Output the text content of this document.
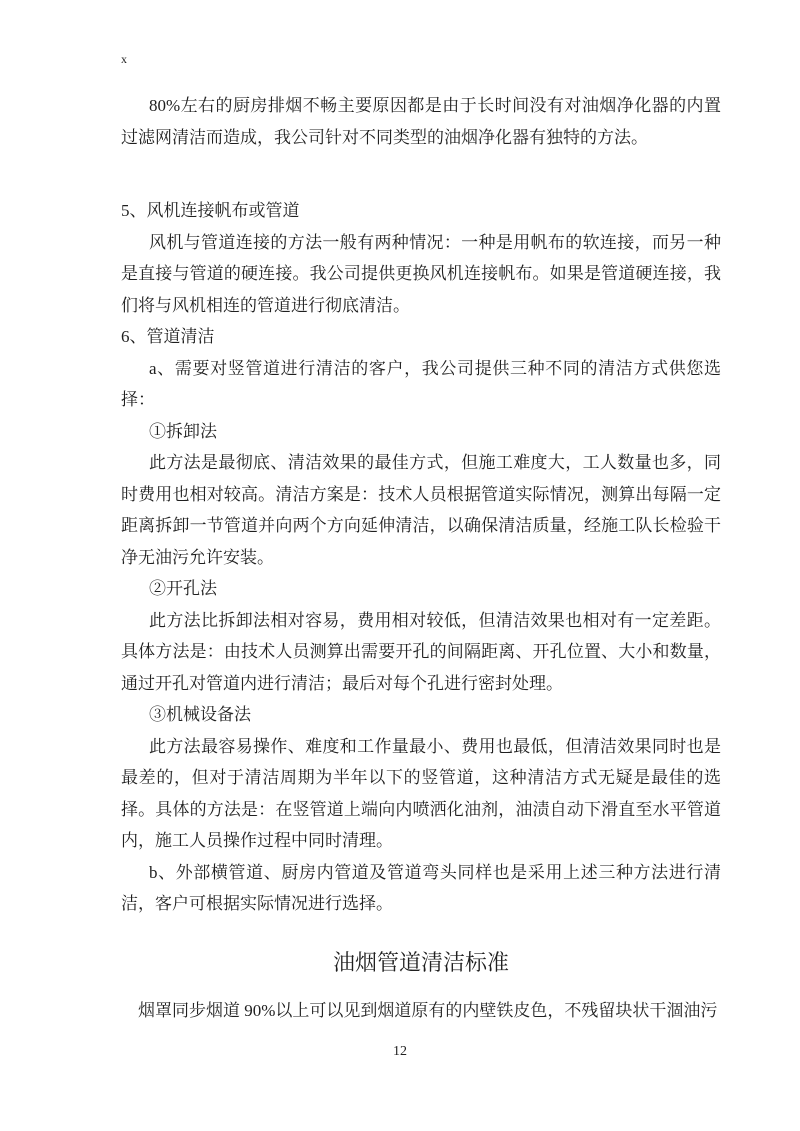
x

80%左右的厨房排烟不畅主要原因都是由于长时间没有对油烟净化器的内置过滤网清洁而造成，我公司针对不同类型的油烟净化器有独特的方法。

5、风机连接帆布或管道

风机与管道连接的方法一般有两种情况：一种是用帆布的软连接，而另一种是直接与管道的硬连接。我公司提供更换风机连接帆布。如果是管道硬连接，我们将与风机相连的管道进行彻底清洁。

6、管道清洁

a、需要对竖管道进行清洁的客户，我公司提供三种不同的清洁方式供您选择：

①拆卸法

此方法是最彻底、清洁效果的最佳方式，但施工难度大，工人数量也多，同时费用也相对较高。清洁方案是：技术人员根据管道实际情况，测算出每隔一定距离拆卸一节管道并向两个方向延伸清洁，以确保清洁质量，经施工队长检验干净无油污允许安装。

②开孔法

此方法比拆卸法相对容易，费用相对较低，但清洁效果也相对有一定差距。具体方法是：由技术人员测算出需要开孔的间隔距离、开孔位置、大小和数量，通过开孔对管道内进行清洁；最后对每个孔进行密封处理。

③机械设备法

此方法最容易操作、难度和工作量最小、费用也最低，但清洁效果同时也是最差的，但对于清洁周期为半年以下的竖管道，这种清洁方式无疑是最佳的选择。具体的方法是：在竖管道上端向内喷洒化油剂，油渍自动下滑直至水平管道内，施工人员操作过程中同时清理。

b、外部横管道、厨房内管道及管道弯头同样也是采用上述三种方法进行清洁，客户可根据实际情况进行选择。

油烟管道清洁标准

烟罩同步烟道 90%以上可以见到烟道原有的内壁铁皮色，不残留块状干涸油污

12
